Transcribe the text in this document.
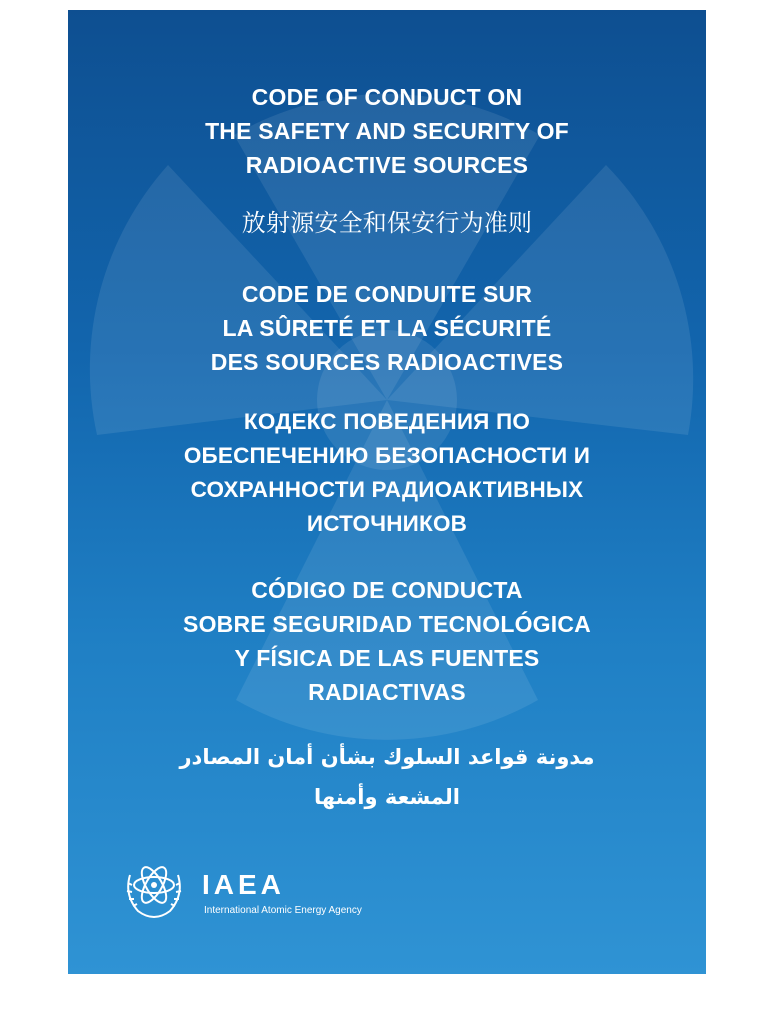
CODE OF CONDUCT ON
THE SAFETY AND SECURITY OF
RADIOACTIVE SOURCES
放射源安全和保安行为准则
CODE DE CONDUITE SUR
LA SÛRETÉ ET LA SÉCURITÉ
DES SOURCES RADIOACTIVES
КОДЕКС ПОВЕДЕНИЯ ПО
ОБЕСПЕЧЕНИЮ БЕЗОПАСНОСТИ И
СОХРАННОСТИ РАДИОАКТИВНЫХ
ИСТОЧНИКОВ
CÓDIGO DE CONDUCTA
SOBRE SEGURIDAD TECNOLÓGICA
Y FÍSICA DE LAS FUENTES
RADIACTIVAS
مدونة قواعد السلوك بشأن أمان المصادر
المشعة وأمنها
IAEA
International Atomic Energy Agency
